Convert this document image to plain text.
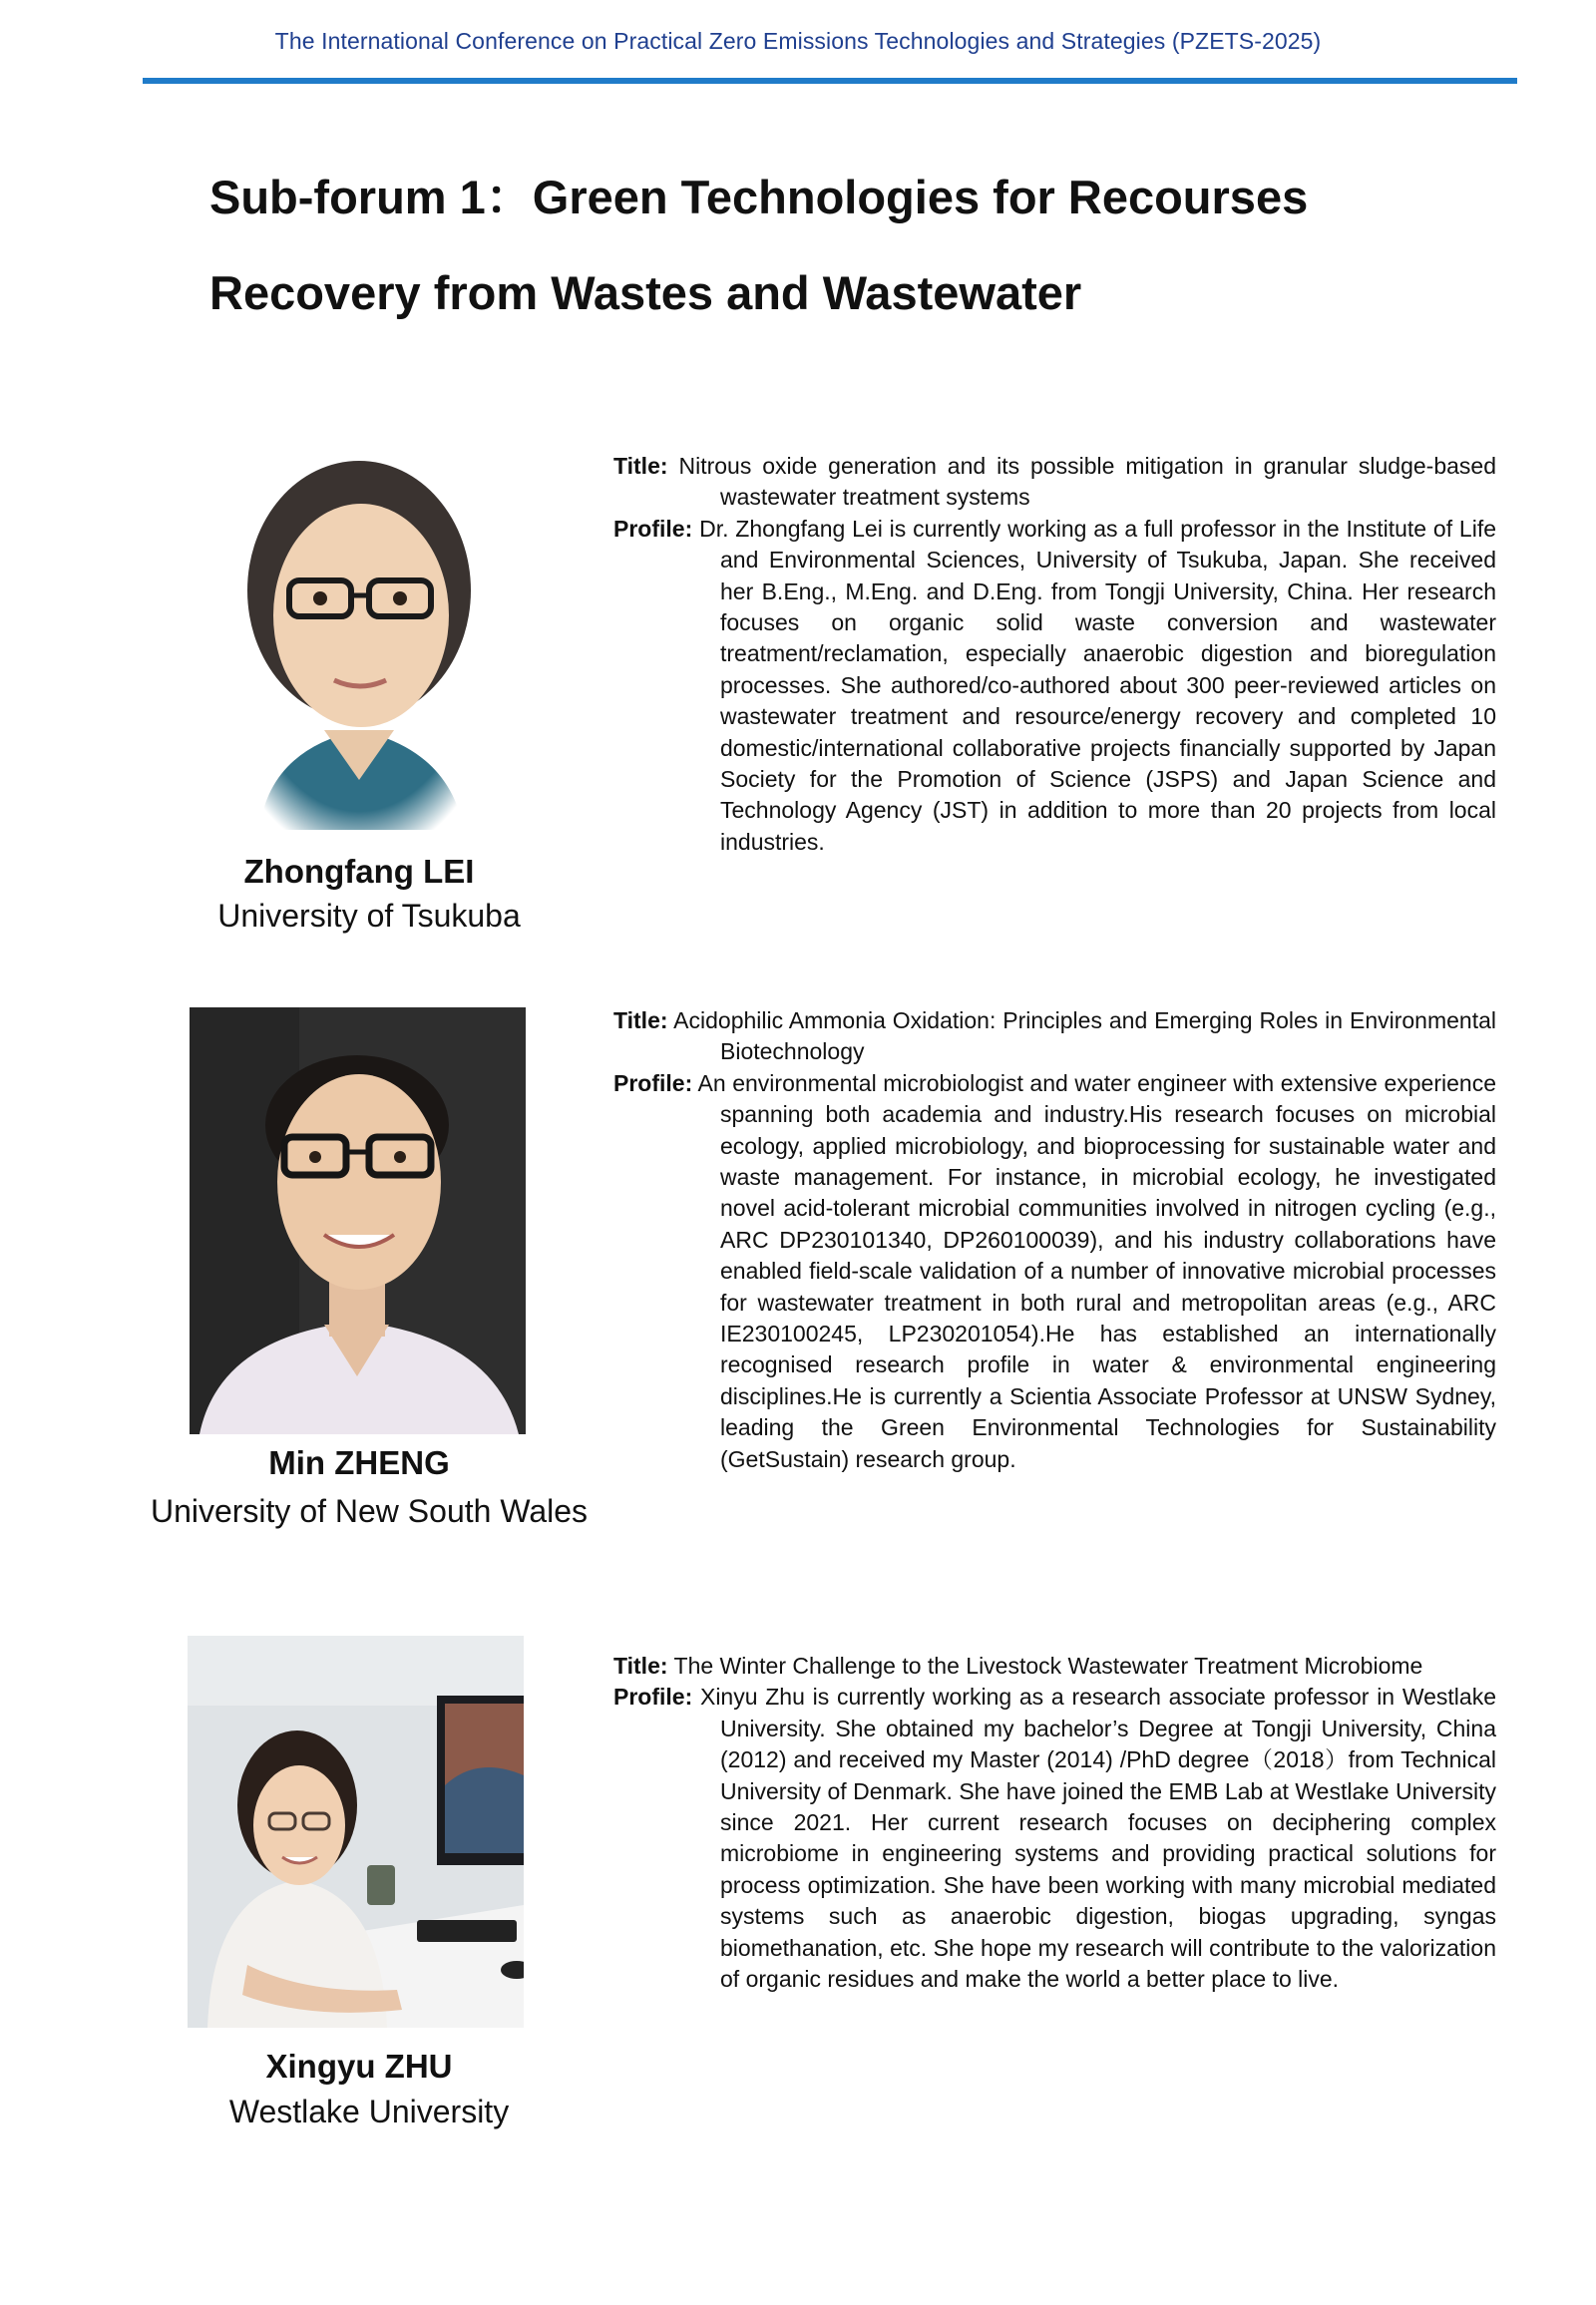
The International Conference on Practical Zero Emissions Technologies and Strategies (PZETS-2025)
Sub-forum 1：Green Technologies for Recourses
Recovery from Wastes and Wastewater
Zhongfang LEI
University of Tsukuba

Title: Nitrous oxide generation and its possible mitigation in granular sludge-based wastewater treatment systems

Profile: Dr. Zhongfang Lei is currently working as a full professor in the Institute of Life and Environmental Sciences, University of Tsukuba, Japan. She received her B.Eng., M.Eng. and D.Eng. from Tongji University, China. Her research focuses on organic solid waste conversion and wastewater treatment/reclamation, especially anaerobic digestion and bioregulation processes. She authored/co-authored about 300 peer-reviewed articles on wastewater treatment and resource/energy recovery and completed 10 domestic/international collaborative projects financially supported by Japan Society for the Promotion of Science (JSPS) and Japan Science and Technology Agency (JST) in addition to more than 20 projects from local industries.

Min ZHENG
University of New South Wales

Title: Acidophilic Ammonia Oxidation: Principles and Emerging Roles in Environmental Biotechnology

Profile: An environmental microbiologist and water engineer with extensive experience spanning both academia and industry.His research focuses on microbial ecology, applied microbiology, and bioprocessing for sustainable water and waste management. For instance, in microbial ecology, he investigated novel acid-tolerant microbial communities involved in nitrogen cycling (e.g., ARC DP230101340, DP260100039), and his industry collaborations have enabled field-scale validation of a number of innovative microbial processes for wastewater treatment in both rural and metropolitan areas (e.g., ARC IE230100245, LP230201054).He has established an internationally recognised research profile in water & environmental engineering disciplines.He is currently a Scientia Associate Professor at UNSW Sydney, leading the Green Environmental Technologies for Sustainability (GetSustain) research group.

Xingyu ZHU
Westlake University

Title: The Winter Challenge to the Livestock Wastewater Treatment Microbiome

Profile: Xinyu Zhu is currently working as a research associate professor in Westlake University. She obtained my bachelor’s Degree at Tongji University, China (2012) and received my Master (2014) /PhD degree（2018）from Technical University of Denmark. She have joined the EMB Lab at Westlake University since 2021. Her current research focuses on deciphering complex microbiome in engineering systems and providing practical solutions for process optimization. She have been working with many microbial mediated systems such as anaerobic digestion, biogas upgrading, syngas biomethanation, etc. She hope my research will contribute to the valorization of organic residues and make the world a better place to live.
